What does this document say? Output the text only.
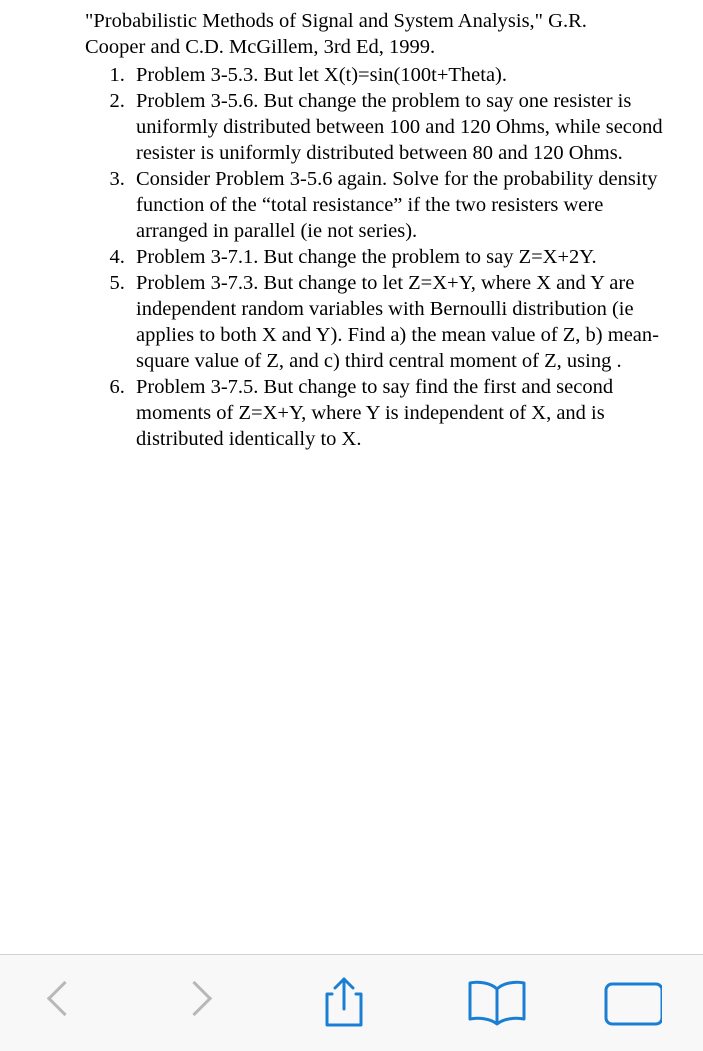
"Probabilistic Methods of Signal and System Analysis," G.R. Cooper and C.D. McGillem, 3rd Ed, 1999.

1. Problem 3-5.3. But let X(t)=sin(100t+Theta).
2. Problem 3-5.6. But change the problem to say one resister is uniformly distributed between 100 and 120 Ohms, while second resister is uniformly distributed between 80 and 120 Ohms.
3. Consider Problem 3-5.6 again. Solve for the probability density function of the “total resistance” if the two resisters were arranged in parallel (ie not series).
4. Problem 3-7.1. But change the problem to say Z=X+2Y.
5. Problem 3-7.3. But change to let Z=X+Y, where X and Y are independent random variables with Bernoulli distribution (ie applies to both X and Y). Find a) the mean value of Z, b) mean-square value of Z, and c) third central moment of Z, using .
6. Problem 3-7.5. But change to say find the first and second moments of Z=X+Y, where Y is independent of X, and is distributed identically to X.
